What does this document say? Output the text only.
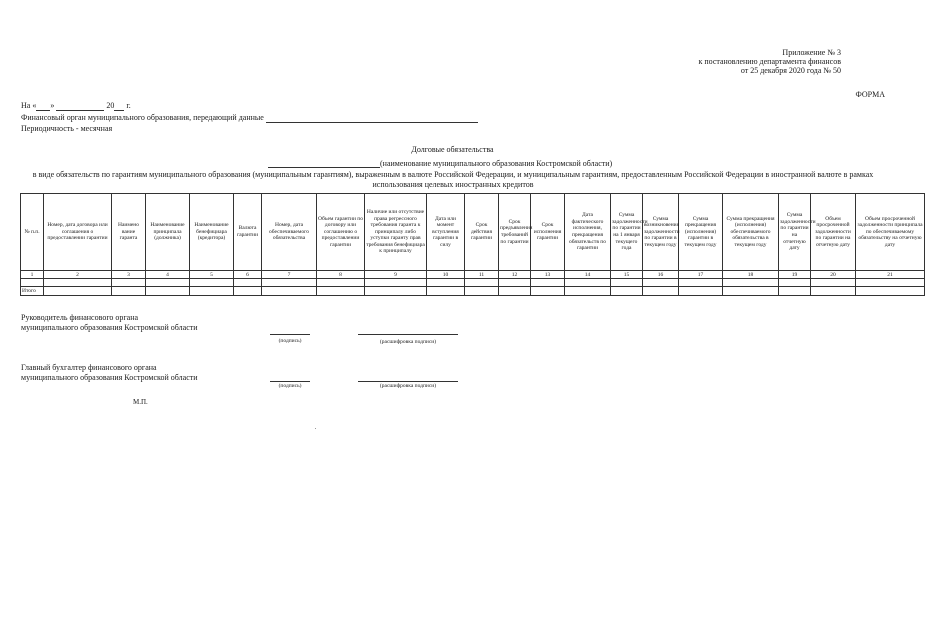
Приложение № 3
к постановлению департамента финансов
от 25 декабря 2020 года № 50
ФОРМА
На « »	20 г.
Финансовый орган муниципального образования, передающий данные
Периодичность - месячная
Долговые обязательства
(наименование муниципального образования Костромской области)
в виде обязательств по гарантиям муниципального образования (муниципальным гарантиям), выраженным в валюте Российской Федерации, и муниципальным гарантиям, предоставленным Российской Федерации в иностранной валюте в рамках использования целевых иностранных кредитов
№ п.п.	Номер, дата договора или соглашения о предоставлении гарантии	Наимено вание гаранта	Наименование принципала (должника)	Наименование бенефициара (кредитора)	Валюта гарантии	Номер, дата обеспечиваемого обязательства	Объем гарантии по договору или соглашению о предоставлении гарантии	Наличие или отсутствие права регрессного требования гаранта к принципалу либо уступки гаранту прав требования бенефициара к принципалу	Дата или момент вступления гарантии в силу	Срок действия гарантии	Срок предъявления требований по гарантии	Срок исполнения гарантии	Дата фактического исполнения, прекращения обязательств по гарантии	Сумма задолженности по гарантии на 1 января текущего года	Сумма возникновения задолженности по гарантии в текущем году	Сумма прекращения (исполнения) гарантии в текущем году	Сумма прекращения (исполнения) обеспечиваемого обязательства в текущем году	Сумма задолженности по гарантии на отчетную дату	Объем просроченной задолженности по гарантии на отчетную дату	Объем просроченной задолженности принципала по обеспечиваемому обязательству на отчетную дату
1	2	3	4	5	6	7	8	9	10	11	12	13	14	15	16	17	18	19	20	21

Итого																				
Руководитель финансового органа
муниципального образования Костромской области
(подпись)	(расшифровка подписи)
Главный бухгалтер финансового органа
муниципального образования Костромской области
(подпись)	(расшифровка подписи)
М.П.
